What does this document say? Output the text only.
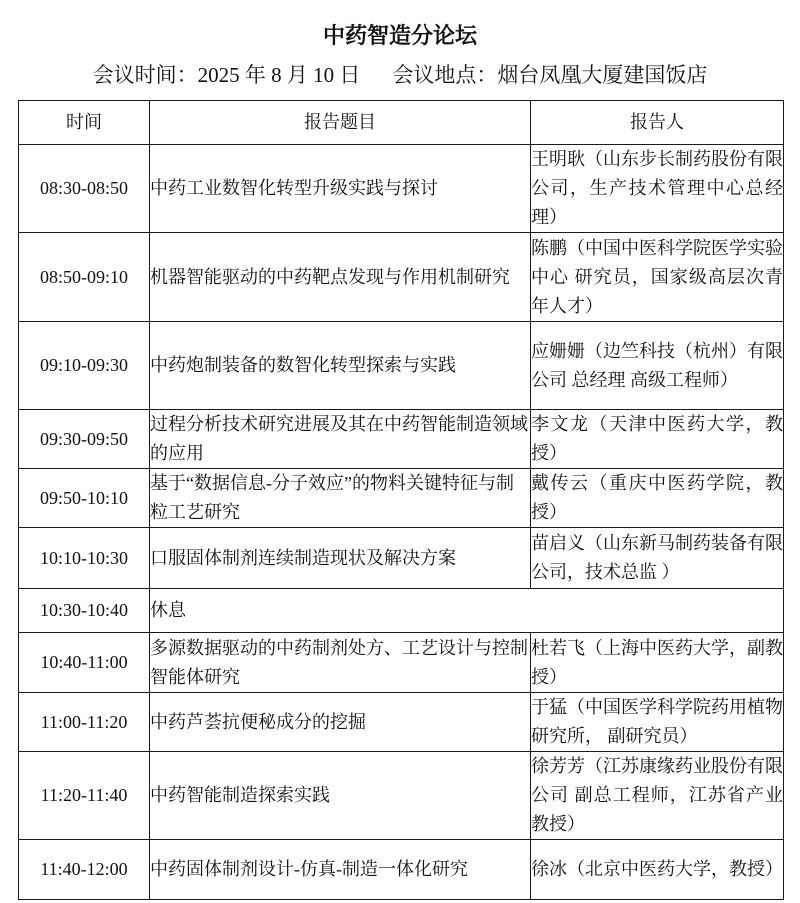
中药智造分论坛
会议时间：2025 年 8 月 10 日 会议地点：烟台凤凰大厦建国饭店
时间	报告题目	报告人
08:30-08:50	中药工业数智化转型升级实践与探讨	王明耿（山东步长制药股份有限公司，生产技术管理中心总经理）
08:50-09:10	机器智能驱动的中药靶点发现与作用机制研究	陈鹏（中国中医科学院医学实验中心 研究员，国家级高层次青年人才）
09:10-09:30	中药炮制装备的数智化转型探索与实践	应姗姗（边竺科技（杭州）有限公司 总经理 高级工程师）
09:30-09:50	过程分析技术研究进展及其在中药智能制造领域的应用	李文龙（天津中医药大学，教授）
09:50-10:10	基于“数据信息-分子效应”的物料关键特征与制粒工艺研究	戴传云（重庆中医药学院，教授）
10:10-10:30	口服固体制剂连续制造现状及解决方案	苗启义（山东新马制药装备有限公司，技术总监 ）
10:30-10:40	休息	
10:40-11:00	多源数据驱动的中药制剂处方、工艺设计与控制智能体研究	杜若飞（上海中医药大学，副教授）
11:00-11:20	中药芦荟抗便秘成分的挖掘	于猛（中国医学科学院药用植物研究所， 副研究员）
11:20-11:40	中药智能制造探索实践	徐芳芳（江苏康缘药业股份有限公司 副总工程师，江苏省产业教授）
11:40-12:00	中药固体制剂设计-仿真-制造一体化研究	徐冰（北京中医药大学，教授）
